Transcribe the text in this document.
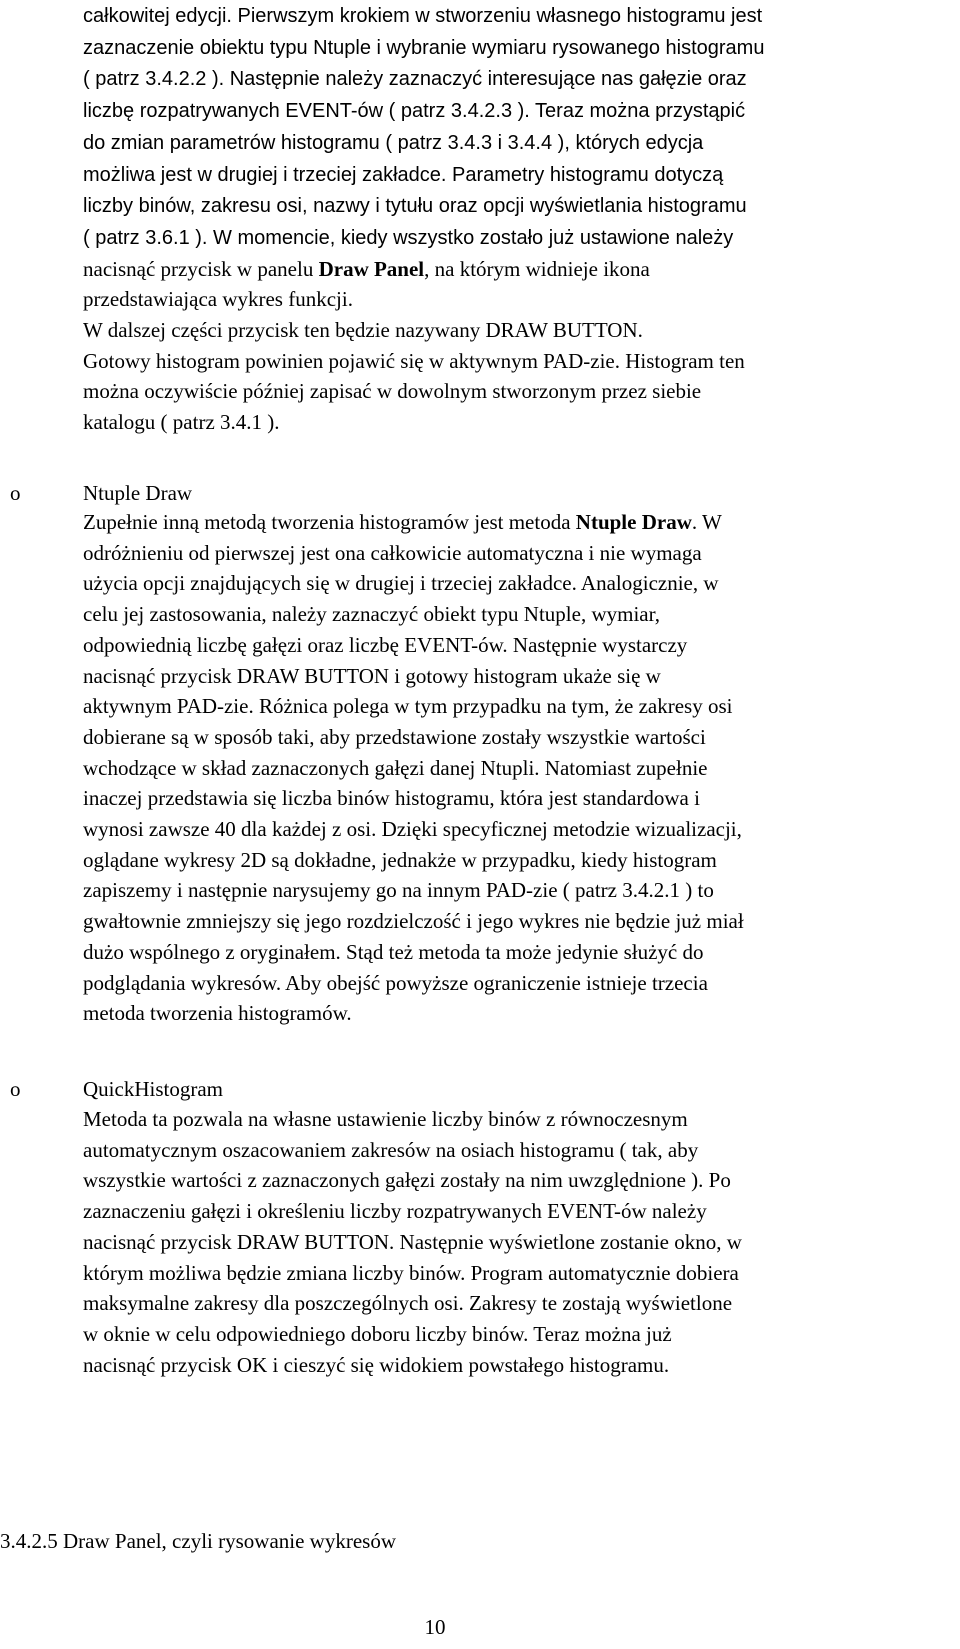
całkowitej edycji. Pierwszym krokiem w stworzeniu własnego histogramu jest
zaznaczenie obiektu typu Ntuple i wybranie wymiaru rysowanego histogramu
( patrz 3.4.2.2 ). Następnie należy zaznaczyć interesujące nas gałęzie oraz
liczbę rozpatrywanych EVENT-ów ( patrz 3.4.2.3 ). Teraz można przystąpić
do zmian parametrów histogramu ( patrz 3.4.3 i 3.4.4 ), których edycja
możliwa jest w drugiej i trzeciej zakładce. Parametry histogramu dotyczą
liczby binów, zakresu osi, nazwy i tytułu oraz opcji wyświetlania histogramu
( patrz 3.6.1 ). W momencie, kiedy wszystko zostało już ustawione należy
nacisnąć przycisk w panelu Draw Panel, na którym widnieje ikona
przedstawiająca wykres funkcji.
W dalszej części przycisk ten będzie nazywany DRAW BUTTON.
Gotowy histogram powinien pojawić się w aktywnym PAD-zie. Histogram ten
można oczywiście później zapisać w dowolnym stworzonym przez siebie
katalogu ( patrz 3.4.1 ).
o	Ntuple Draw
Zupełnie inną metodą tworzenia histogramów jest metoda Ntuple Draw. W
odróżnieniu od pierwszej jest ona całkowicie automatyczna i nie wymaga
użycia opcji znajdujących się w drugiej i trzeciej zakładce. Analogicznie, w
celu jej zastosowania, należy zaznaczyć obiekt typu Ntuple, wymiar,
odpowiednią liczbę gałęzi oraz liczbę EVENT-ów. Następnie wystarczy
nacisnąć przycisk DRAW BUTTON i gotowy histogram ukaże się w
aktywnym PAD-zie. Różnica polega w tym przypadku na tym, że zakresy osi
dobierane są w sposób taki, aby przedstawione zostały wszystkie wartości
wchodzące w skład zaznaczonych gałęzi danej Ntupli. Natomiast zupełnie
inaczej przedstawia się liczba binów histogramu, która jest standardowa i
wynosi zawsze 40 dla każdej z osi. Dzięki specyficznej metodzie wizualizacji,
oglądane wykresy 2D są dokładne, jednakże w przypadku, kiedy histogram
zapiszemy i następnie narysujemy go na innym PAD-zie ( patrz 3.4.2.1 ) to
gwałtownie zmniejszy się jego rozdzielczość i jego wykres nie będzie już miał
dużo wspólnego z oryginałem. Stąd też metoda ta może jedynie służyć do
podglądania wykresów. Aby obejść powyższe ograniczenie istnieje trzecia
metoda tworzenia histogramów.
o	QuickHistogram
Metoda ta pozwala na własne ustawienie liczby binów z równoczesnym
automatycznym oszacowaniem zakresów na osiach histogramu ( tak, aby
wszystkie wartości z zaznaczonych gałęzi zostały na nim uwzględnione ). Po
zaznaczeniu gałęzi i określeniu liczby rozpatrywanych EVENT-ów należy
nacisnąć przycisk DRAW BUTTON. Następnie wyświetlone zostanie okno, w
którym możliwa będzie zmiana liczby binów. Program automatycznie dobiera
maksymalne zakresy dla poszczególnych osi. Zakresy te zostają wyświetlone
w oknie w celu odpowiedniego doboru liczby binów. Teraz można już
nacisnąć przycisk OK i cieszyć się widokiem powstałego histogramu.
3.4.2.5 Draw Panel, czyli rysowanie wykresów
10
